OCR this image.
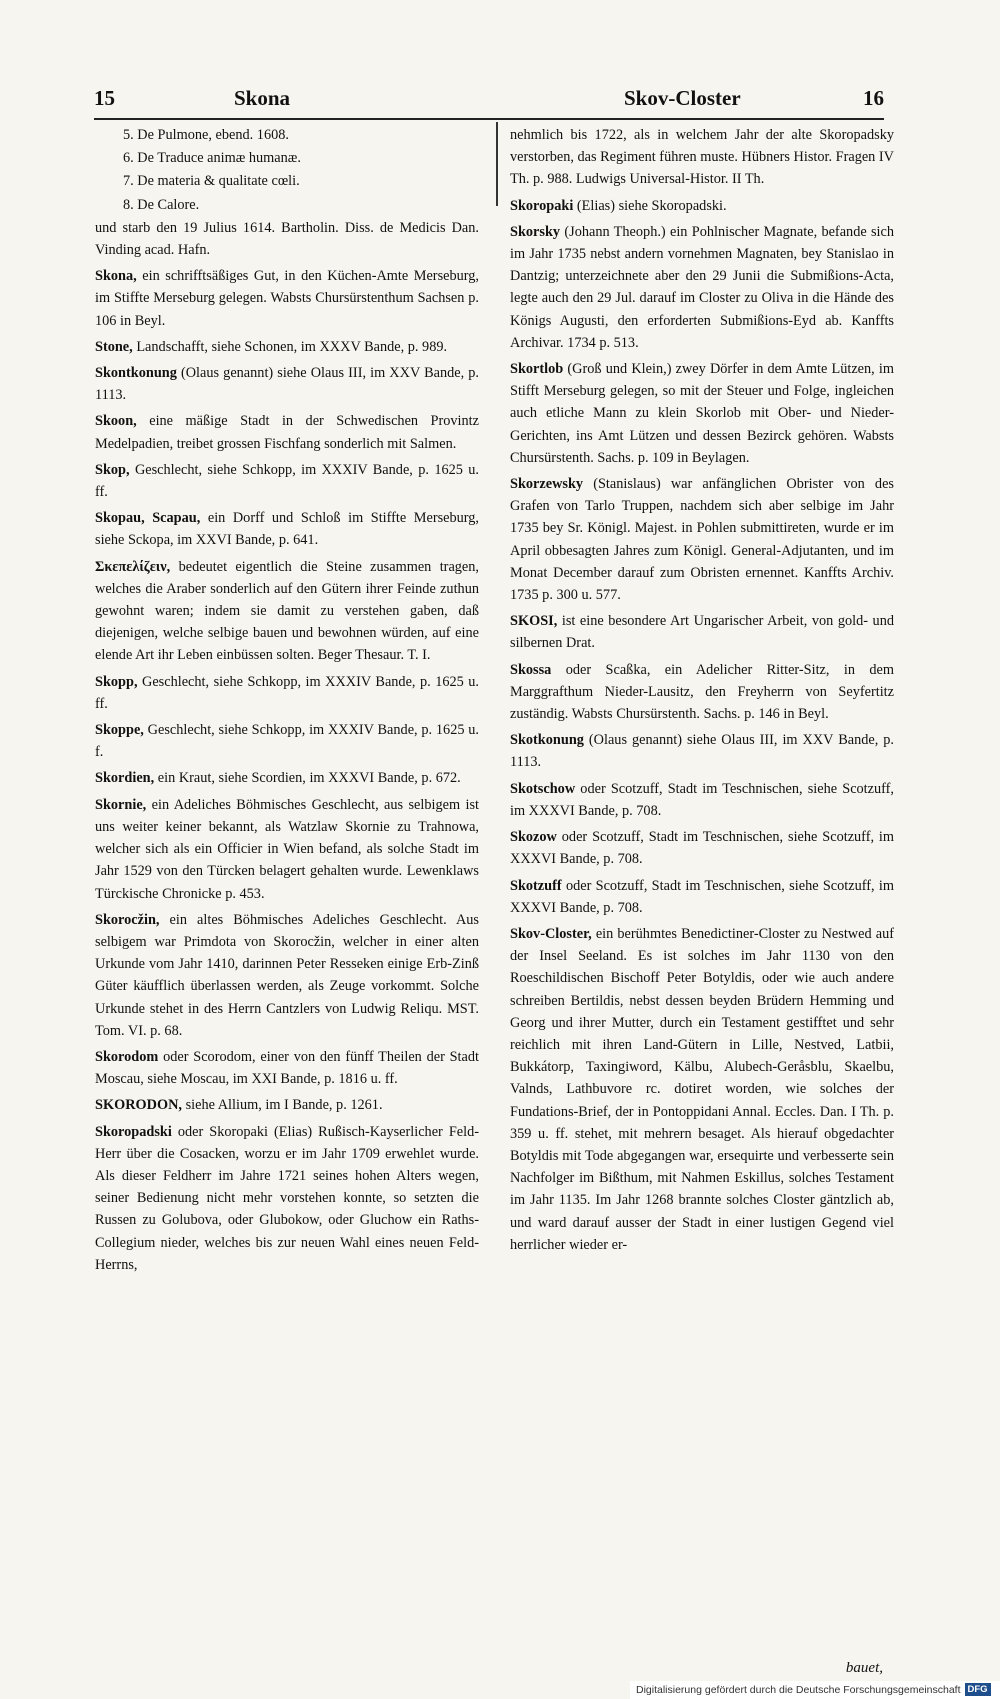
15	Skona	Skov-Closter	16
5. De Pulmone, ebend. 1608.
6. De Traduce animæ humanæ.
7. De materia & qualitate cœli.
8. De Calore.

und starb den 19 Julius 1614. Bartholin. Diss. de Medicis Dan. Vinding acad. Hafn.

Skona, ein schrifftsäßiges Gut, in den Küchen-Amte Merseburg, im Stiffte Merseburg gelegen. Wabsts Chursürstenthum Sachsen p. 106 in Beyl.

Stone, Landschafft, siehe Schonen, im XXXV Bande, p. 989.

Skontkonung (Olaus genannt) siehe Olaus III, im XXV Bande, p. 1113.

Skoon, eine mäßige Stadt in der Schwedischen Provintz Medelpadien, treibet grossen Fischfang sonderlich mit Salmen.

Skop, Geschlecht, siehe Schkopp, im XXXIV Bande, p. 1625 u. ff.

Skopau, Scapau, ein Dorff und Schloß im Stiffte Merseburg, siehe Sckopa, im XXVI Bande, p. 641.

Σκεπελίζειν, bedeutet eigentlich die Steine zusammen tragen, welches die Araber sonderlich auf den Gütern ihrer Feinde zuthun gewohnt waren; indem sie damit zu verstehen gaben, daß diejenigen, welche selbige bauen und bewohnen würden, auf eine elende Art ihr Leben einbüssen solten. Beger Thesaur. T. I.

Skopp, Geschlecht, siehe Schkopp, im XXXIV Bande, p. 1625 u. ff.

Skoppe, Geschlecht, siehe Schkopp, im XXXIV Bande, p. 1625 u. f.

Skordien, ein Kraut, siehe Scordien, im XXXVI Bande, p. 672.

Skornie, ein Adeliches Böhmisches Geschlecht, aus selbigem ist uns weiter keiner bekannt, als Watzlaw Skornie zu Trahnowa, welcher sich als ein Officier in Wien befand, als solche Stadt im Jahr 1529 von den Türcken belagert gehalten wurde. Lewenklaws Türckische Chronicke p. 453.

Skorocžin, ein altes Böhmisches Adeliches Geschlecht. Aus selbigem war Primdota von Skorocžin, welcher in einer alten Urkunde vom Jahr 1410, darinnen Peter Resseken einige Erb-Zinß Güter käufflich überlassen werden, als Zeuge vorkommt. Solche Urkunde stehet in des Herrn Cantzlers von Ludwig Reliqu. MST. Tom. VI. p. 68.

Skorodom oder Scorodom, einer von den fünff Theilen der Stadt Moscau, siehe Moscau, im XXI Bande, p. 1816 u. ff.

SKORODON, siehe Allium, im I Bande, p. 1261.

Skoropadski oder Skoropaki (Elias) Rußisch-Kayserlicher Feld-Herr über die Cosacken, worzu er im Jahr 1709 erwehlet wurde. Als dieser Feldherr im Jahre 1721 seines hohen Alters wegen, seiner Bedienung nicht mehr vorstehen konnte, so setzten die Russen zu Golubova, oder Glubokow, oder Gluchow ein Raths-Collegium nieder, welches bis zur neuen Wahl eines neuen Feld-Herrns,

nehmlich bis 1722, als in welchem Jahr der alte Skoropadsky verstorben, das Regiment führen muste. Hübners Histor. Fragen IV Th. p. 988. Ludwigs Universal-Histor. II Th.

Skoropaki (Elias) siehe Skoropadski.

Skorsky (Johann Theoph.) ein Pohlnischer Magnate, befande sich im Jahr 1735 nebst andern vornehmen Magnaten, bey Stanislao in Dantzig; unterzeichnete aber den 29 Junii die Submißions-Acta, legte auch den 29 Jul. darauf im Closter zu Oliva in die Hände des Königs Augusti, den erforderten Submißions-Eyd ab. Kanffts Archivar. 1734 p. 513.

Skortlob (Groß und Klein,) zwey Dörfer in dem Amte Lützen, im Stifft Merseburg gelegen, so mit der Steuer und Folge, ingleichen auch etliche Mann zu klein Skorlob mit Ober- und Nieder-Gerichten, ins Amt Lützen und dessen Bezirck gehören. Wabsts Chursürstenth. Sachs. p. 109 in Beylagen.

Skorzewsky (Stanislaus) war anfänglichen Obrister von des Grafen von Tarlo Truppen, nachdem sich aber selbige im Jahr 1735 bey Sr. Königl. Majest. in Pohlen submittireten, wurde er im April obbesagten Jahres zum Königl. General-Adjutanten, und im Monat December darauf zum Obristen ernennet. Kanffts Archiv. 1735 p. 300 u. 577.

SKOSI, ist eine besondere Art Ungarischer Arbeit, von gold- und silbernen Drat.

Skossa oder Scaßka, ein Adelicher Ritter-Sitz, in dem Marggrafthum Nieder-Lausitz, den Freyherrn von Seyfertitz zuständig. Wabsts Chursürstenth. Sachs. p. 146 in Beyl.

Skotkonung (Olaus genannt) siehe Olaus III, im XXV Bande, p. 1113.

Skotschow oder Scotzuff, Stadt im Teschnischen, siehe Scotzuff, im XXXVI Bande, p. 708.

Skozow oder Scotzuff, Stadt im Teschnischen, siehe Scotzuff, im XXXVI Bande, p. 708.

Skotzuff oder Scotzuff, Stadt im Teschnischen, siehe Scotzuff, im XXXVI Bande, p. 708.

Skov-Closter, ein berühmtes Benedictiner-Closter zu Nestwed auf der Insel Seeland. Es ist solches im Jahr 1130 von den Roeschildischen Bischoff Peter Botyldis, oder wie auch andere schreiben Bertildis, nebst dessen beyden Brüdern Hemming und Georg und ihrer Mutter, durch ein Testament gestifftet und sehr reichlich mit ihren Land-Gütern in Lille, Nestved, Latbii, Bukkátorp, Taxingiword, Kälbu, Alubech-Geråsblu, Skaelbu, Valnds, Lathbuvore rc. dotiret worden, wie solches der Fundations-Brief, der in Pontoppidani Annal. Eccles. Dan. I Th. p. 359 u. ff. stehet, mit mehrern besaget. Als hierauf obgedachter Botyldis mit Tode abgegangen war, ersequirte und verbesserte sein Nachfolger im Bißthum, mit Nahmen Eskillus, solches Testament im Jahr 1135. Im Jahr 1268 brannte solches Closter gäntzlich ab, und ward darauf ausser der Stadt in einer lustigen Gegend viel herrlicher wieder er-

bauet,
Digitalisierung gefördert durch die Deutsche Forschungsgemeinschaft DFG
